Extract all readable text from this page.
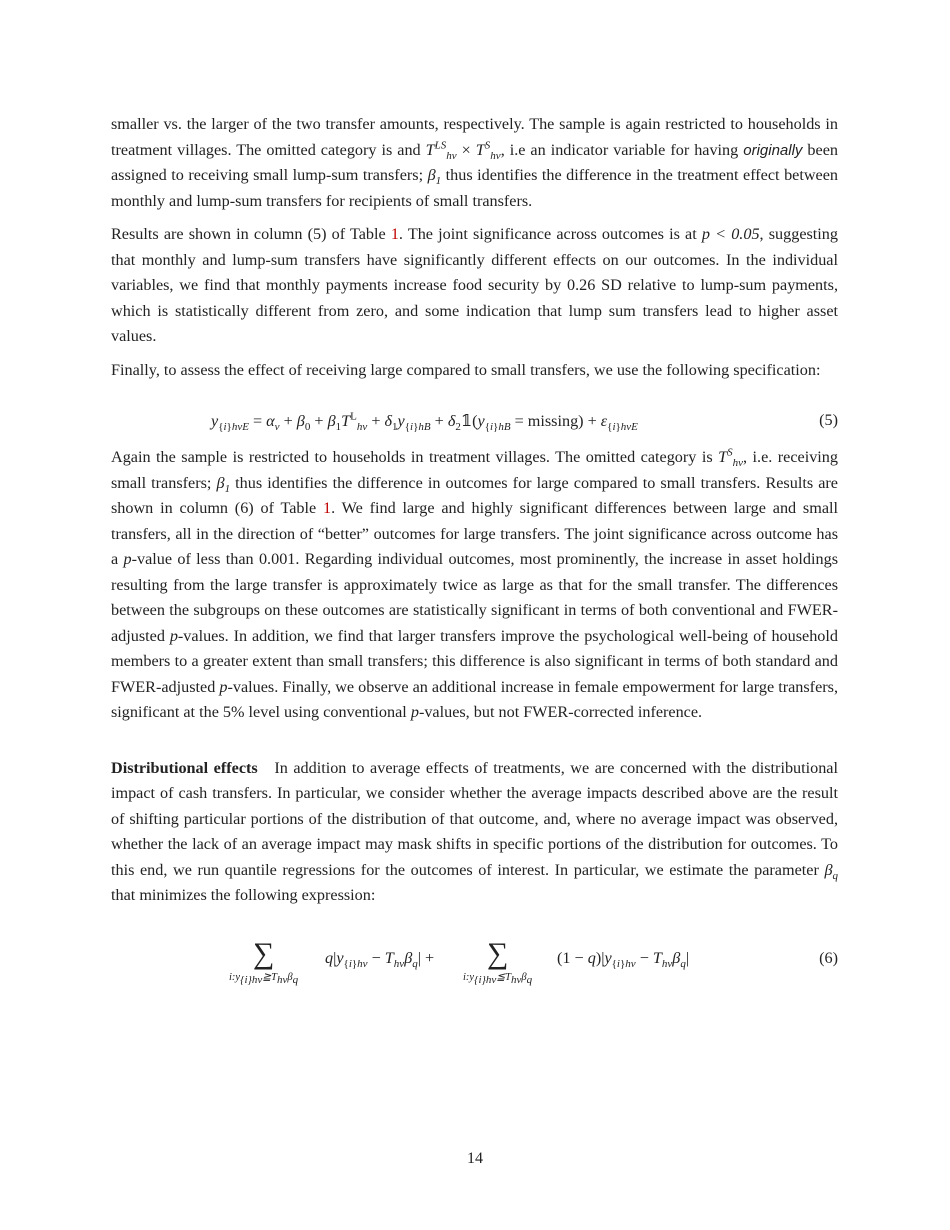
smaller vs. the larger of the two transfer amounts, respectively. The sample is again restricted to households in treatment villages. The omitted category is and $T^{LS}_{hv} \times T^S_{hv}$, i.e an indicator variable for having originally been assigned to receiving small lump-sum transfers; $\beta_1$ thus identifies the difference in the treatment effect between monthly and lump-sum transfers for recipients of small transfers.

Results are shown in column (5) of Table 1. The joint significance across outcomes is at p < 0.05, suggesting that monthly and lump-sum transfers have significantly different effects on our outcomes. In the individual variables, we find that monthly payments increase food security by 0.26 SD relative to lump-sum payments, which is statistically different from zero, and some indication that lump sum transfers lead to higher asset values.

Finally, to assess the effect of receiving large compared to small transfers, we use the following specification:

$y_{\{i\}hvE} = \alpha_v + \beta_0 + \beta_1T^L_{hv} + \delta_1y_{\{i\}hB}$ + $\delta_2𝟙(y_{\{i\}hB} = missing) + \varepsilon_{\{i\}hvE}$	(5)

Again the sample is restricted to households in treatment villages. The omitted category is $T^S_{hv}$, i.e. receiving small transfers; $\beta_1$ thus identifies the difference in outcomes for large compared to small transfers. Results are shown in column (6) of Table 1. We find large and highly significant differences between large and small transfers, all in the direction of “better” outcomes for large transfers. The joint significance across outcome has a p-value of less than 0.001. Regarding individual outcomes, most prominently, the increase in asset holdings resulting from the large transfer is approximately twice as large as that for the small transfer. The differences between the subgroups on these outcomes are statistically significant in terms of both conventional and FWER-adjusted p-values. In addition, we find that larger transfers improve the psychological well-being of household members to a greater extent than small transfers; this difference is also significant in terms of both standard and FWER-adjusted p-values. Finally, we observe an additional increase in female empowerment for large transfers, significant at the 5% level using conventional p-values, but not FWER-corrected inference.

Distributional effects In addition to average effects of treatments, we are concerned with the distributional impact of cash transfers. In particular, we consider whether the average impacts described above are the result of shifting particular portions of the distribution of that outcome, and, where no average impact was observed, whether the lack of an average impact may mask shifts in specific portions of the distribution for outcomes. To this end, we run quantile regressions for the outcomes of interest. In particular, we estimate the parameter $\beta_q$ that minimizes the following expression:

∑
$i:y_{\{i\}hv}≧T_{hv}\beta_q$
$q|y_{\{i\}hv} - T_{hv}\beta_q|$ +	∑
$i:y_{\{i\}hv}≦T_{hv}\beta_q$
$(1 - q)|y_{\{i\}hv} - T_{hv}\beta_q|$	(6)
14
